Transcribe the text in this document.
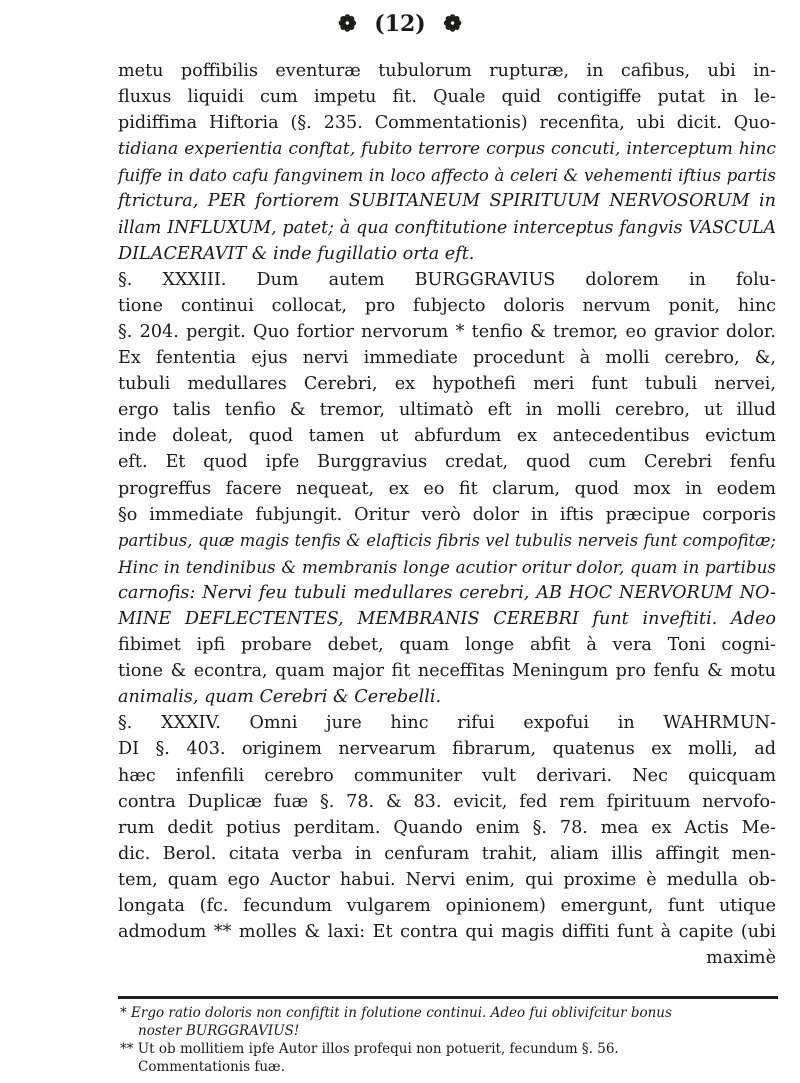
❁ (12) ❁
metu poffibilis eventuræ tubulorum rupturæ, in cafibus, ubi in-
fluxus liquidi cum impetu fit. Quale quid contigiffe putat in le-
pidiffima Hiftoria (§. 235. Commentationis) recenfita, ubi dicit. Quo-
tidiana experientia conftat, fubito terrore corpus concuti, interceptum hinc
fuiffe in dato cafu fangvinem in loco affecto à celeri & vehementi iftius partis
ftrictura, PER fortiorem SUBITANEUM SPIRITUUM NERVOSORUM in
illam INFLUXUM, patet; à qua conftitutione interceptus fangvis VASCULA
DILACERAVIT & inde fugillatio orta eft.
§. XXXIII. Dum autem BURGGRAVIUS dolorem in folu-
tione continui collocat, pro fubjecto doloris nervum ponit, hinc
§. 204. pergit. Quo fortior nervorum * tenfio & tremor, eo gravior dolor.
Ex fententia ejus nervi immediate procedunt à molli cerebro, &,
tubuli medullares Cerebri, ex hypothefi meri funt tubuli nervei,
ergo talis tenfio & tremor, ultimatò eft in molli cerebro, ut illud
inde doleat, quod tamen ut abfurdum ex antecedentibus evictum
eft. Et quod ipfe Burggravius credat, quod cum Cerebri fenfu
progreffus facere nequeat, ex eo fit clarum, quod mox in eodem
§o immediate fubjungit. Oritur verò dolor in iftis præcipue corporis
partibus, quæ magis tenfis & elafticis fibris vel tubulis nerveis funt compofitæ;
Hinc in tendinibus & membranis longe acutior oritur dolor, quam in partibus
carnofis: Nervi feu tubuli medullares cerebri, AB HOC NERVORUM NO-
MINE DEFLECTENTES, MEMBRANIS CEREBRI funt inveftiti. Adeo
fibimet ipfi probare debet, quam longe abfit à vera Toni cogni-
tione & econtra, quam major fit neceffitas Meningum pro fenfu & motu
animalis, quam Cerebri & Cerebelli.
§. XXXIV. Omni jure hinc rifui expofui in WAHRMUN-
DI §. 403. originem nervearum fibrarum, quatenus ex molli, ad
hæc infenfili cerebro communiter vult derivari. Nec quicquam
contra Duplicæ fuæ §. 78. & 83. evicit, fed rem fpirituum nervofo-
rum dedit potius perditam. Quando enim §. 78. mea ex Actis Me-
dic. Berol. citata verba in cenfuram trahit, aliam illis affingit men-
tem, quam ego Auctor habui. Nervi enim, qui proxime è medulla ob-
longata (fc. fecundum vulgarem opinionem) emergunt, funt utique
admodum ** molles & laxi: Et contra qui magis diffiti funt à capite (ubi
maximè
* Ergo ratio doloris non confiftit in folutione continui. Adeo fui oblivifcitur bonus
noster BURGGRAVIUS!
** Ut ob mollitiem ipfe Autor illos profequi non potuerit, fecundum §. 56.
Commentationis fuæ.
